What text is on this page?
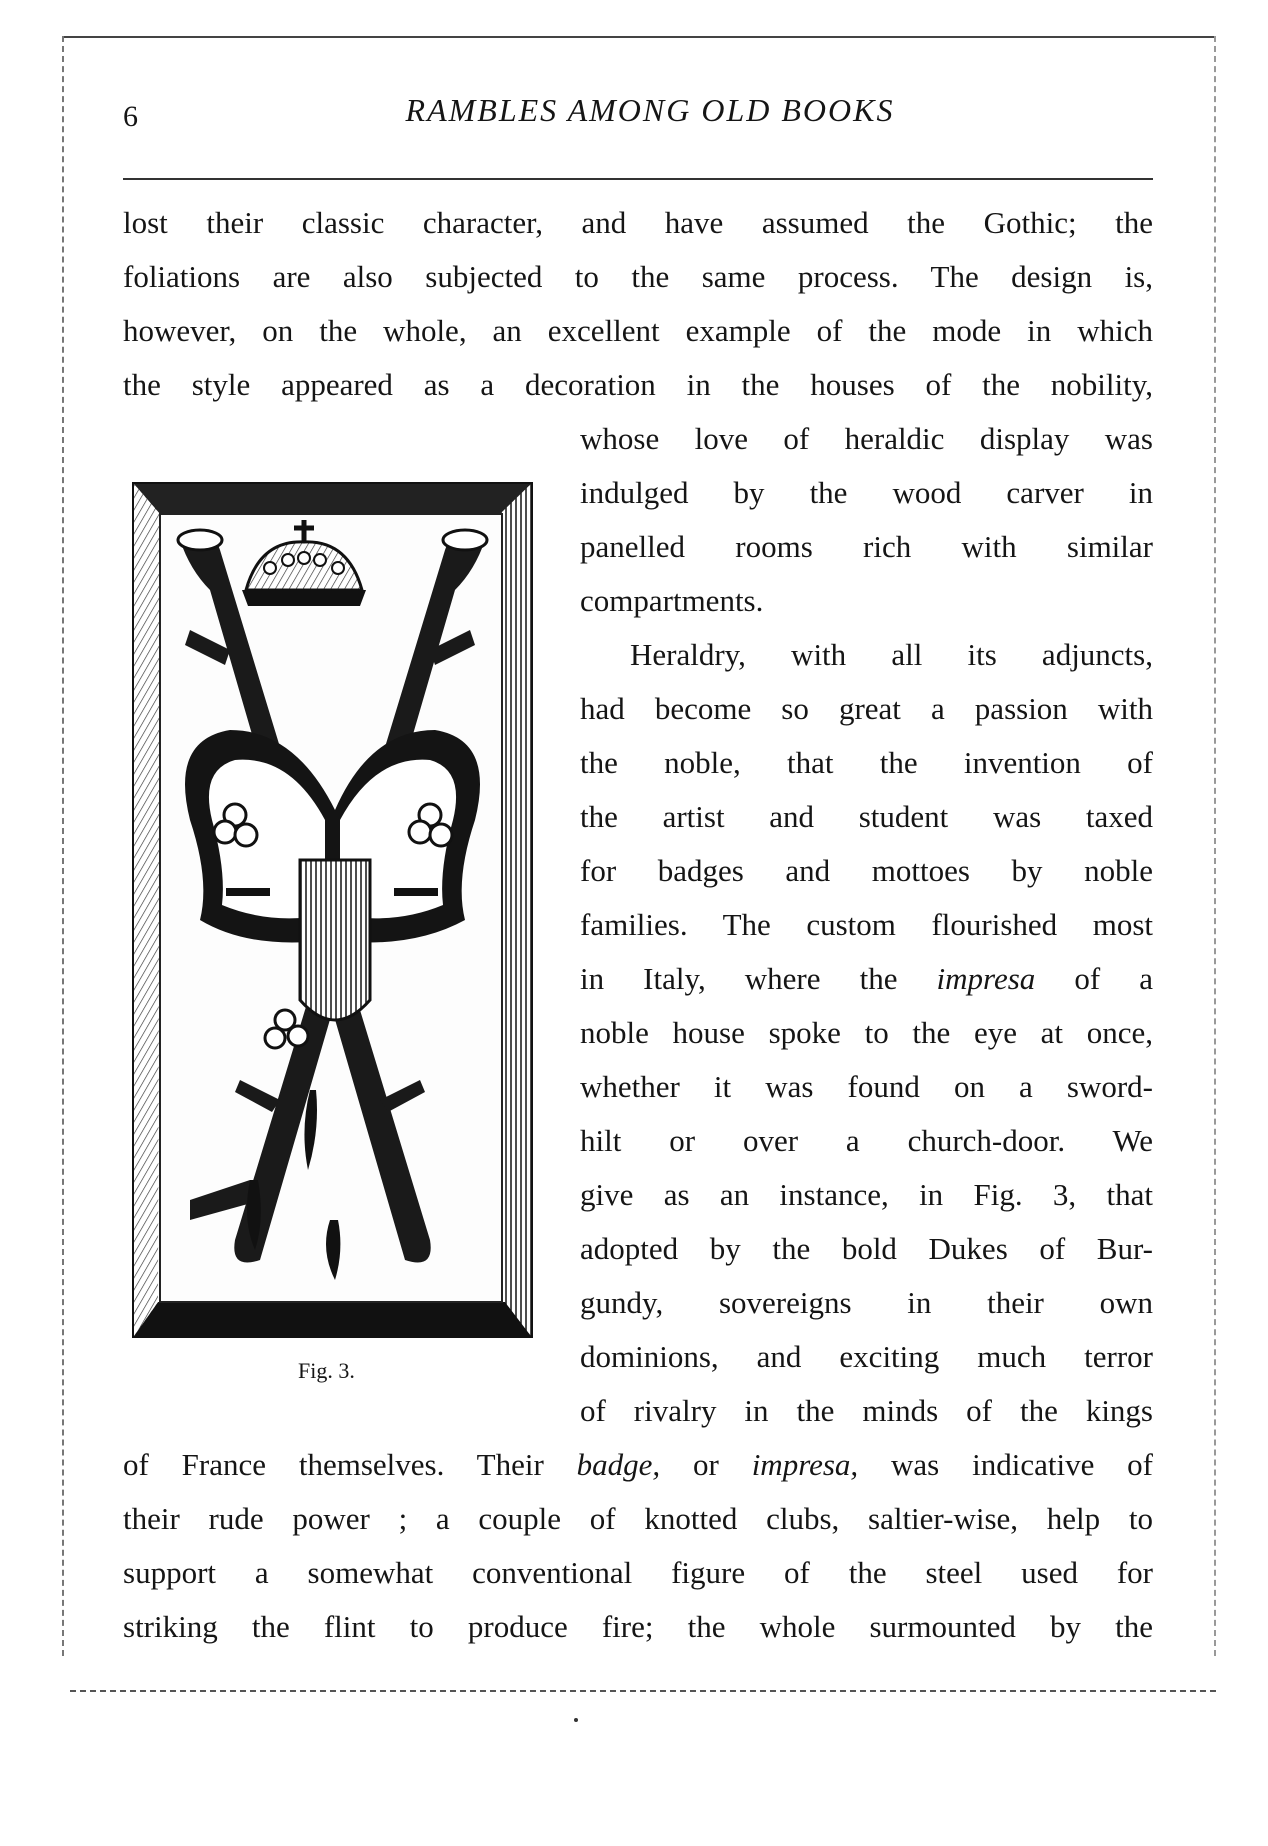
6	RAMBLES AMONG OLD BOOKS
lost their classic character, and have assumed the Gothic; the
foliations are also subjected to the same process. The design is,
however, on the whole, an excellent example of the mode in which
the style appeared as a decoration in the houses of the nobility,
whose love of heraldic display was
indulged by the wood carver in
panelled rooms rich with similar
compartments.
Heraldry, with all its adjuncts,
had become so great a passion with
the noble, that the invention of
the artist and student was taxed
for badges and mottoes by noble
families. The custom flourished most
in Italy, where the impresa of a
noble house spoke to the eye at once,
whether it was found on a sword-
hilt or over a church-door. We
give as an instance, in Fig. 3, that
adopted by the bold Dukes of Bur-
gundy, sovereigns in their own
dominions, and exciting much terror
of rivalry in the minds of the kings
of France themselves. Their badge, or impresa, was indicative of
their rude power ; a couple of knotted clubs, saltier-wise, help to
support a somewhat conventional figure of the steel used for
striking the flint to produce fire; the whole surmounted by the
Fig. 3.
